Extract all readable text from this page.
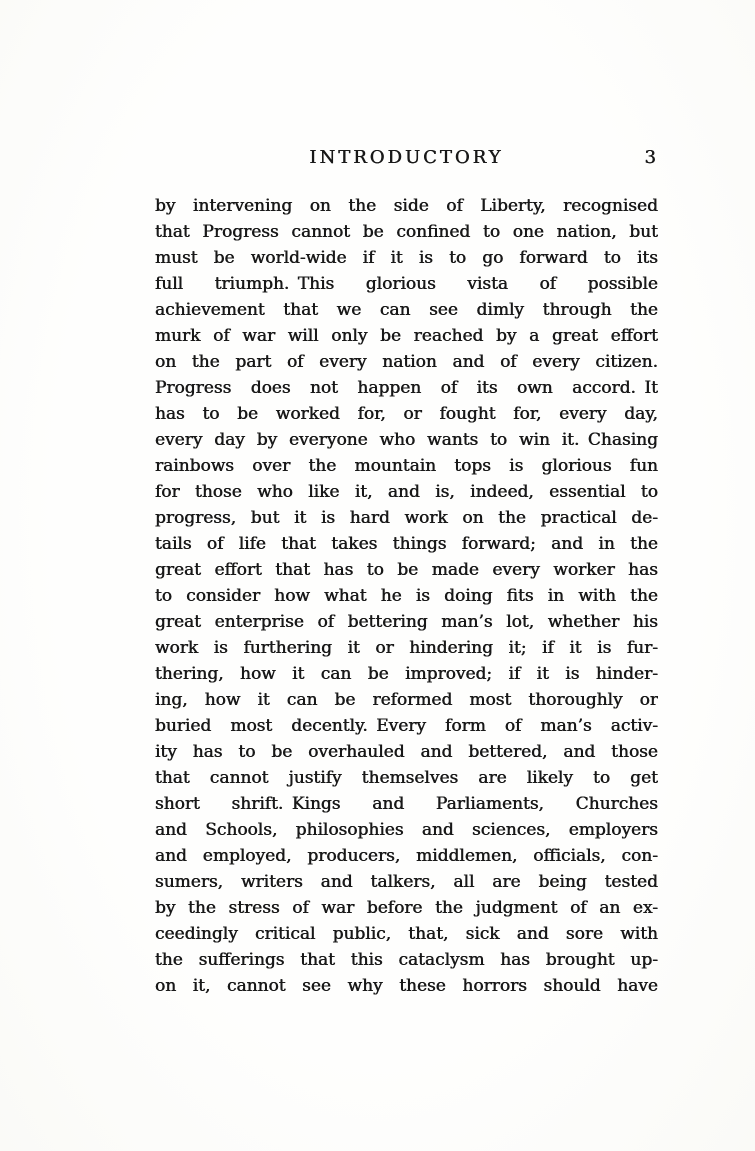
INTRODUCTORY	3
by intervening on the side of Liberty, recognised
that Progress cannot be confined to one nation, but
must be world-wide if it is to go forward to its
full triumph. This glorious vista of possible
achievement that we can see dimly through the
murk of war will only be reached by a great effort
on the part of every nation and of every citizen.
Progress does not happen of its own accord. It
has to be worked for, or fought for, every day,
every day by everyone who wants to win it. Chasing
rainbows over the mountain tops is glorious fun
for those who like it, and is, indeed, essential to
progress, but it is hard work on the practical de-
tails of life that takes things forward; and in the
great effort that has to be made every worker has
to consider how what he is doing fits in with the
great enterprise of bettering man’s lot, whether his
work is furthering it or hindering it; if it is fur-
thering, how it can be improved; if it is hinder-
ing, how it can be reformed most thoroughly or
buried most decently. Every form of man’s activ-
ity has to be overhauled and bettered, and those
that cannot justify themselves are likely to get
short shrift. Kings and Parliaments, Churches
and Schools, philosophies and sciences, employers
and employed, producers, middlemen, officials, con-
sumers, writers and talkers, all are being tested
by the stress of war before the judgment of an ex-
ceedingly critical public, that, sick and sore with
the sufferings that this cataclysm has brought up-
on it, cannot see why these horrors should have
